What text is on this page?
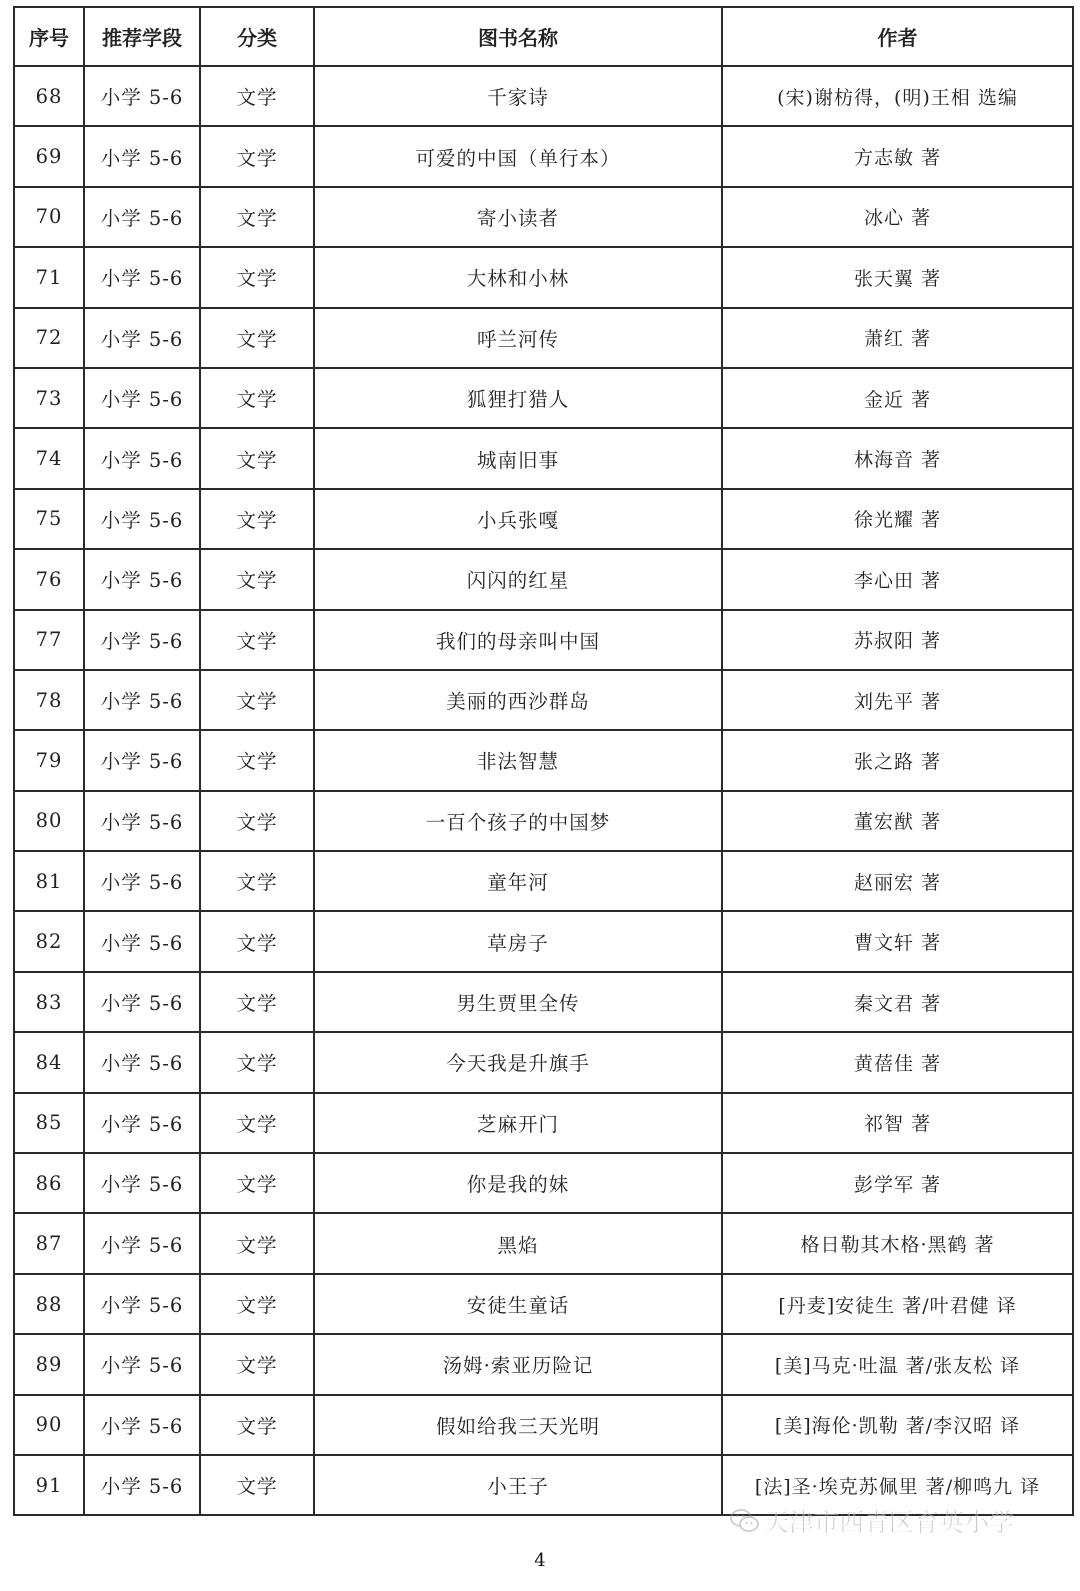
序号	推荐学段	分类	图书名称	作者
68	小学 5-6	文学	千家诗	(宋)谢枋得，(明)王相 选编
69	小学 5-6	文学	可爱的中国（单行本）	方志敏 著
70	小学 5-6	文学	寄小读者	冰心 著
71	小学 5-6	文学	大林和小林	张天翼 著
72	小学 5-6	文学	呼兰河传	萧红 著
73	小学 5-6	文学	狐狸打猎人	金近 著
74	小学 5-6	文学	城南旧事	林海音 著
75	小学 5-6	文学	小兵张嘎	徐光耀 著
76	小学 5-6	文学	闪闪的红星	李心田 著
77	小学 5-6	文学	我们的母亲叫中国	苏叔阳 著
78	小学 5-6	文学	美丽的西沙群岛	刘先平 著
79	小学 5-6	文学	非法智慧	张之路 著
80	小学 5-6	文学	一百个孩子的中国梦	董宏猷 著
81	小学 5-6	文学	童年河	赵丽宏 著
82	小学 5-6	文学	草房子	曹文轩 著
83	小学 5-6	文学	男生贾里全传	秦文君 著
84	小学 5-6	文学	今天我是升旗手	黄蓓佳 著
85	小学 5-6	文学	芝麻开门	祁智 著
86	小学 5-6	文学	你是我的妹	彭学军 著
87	小学 5-6	文学	黑焰	格日勒其木格·黑鹤 著
88	小学 5-6	文学	安徒生童话	[丹麦]安徒生 著/叶君健 译
89	小学 5-6	文学	汤姆·索亚历险记	[美]马克·吐温 著/张友松 译
90	小学 5-6	文学	假如给我三天光明	[美]海伦·凯勒 著/李汉昭 译
91	小学 5-6	文学	小王子	[法]圣·埃克苏佩里 著/柳鸣九 译
天津市西青区育英小学
4
